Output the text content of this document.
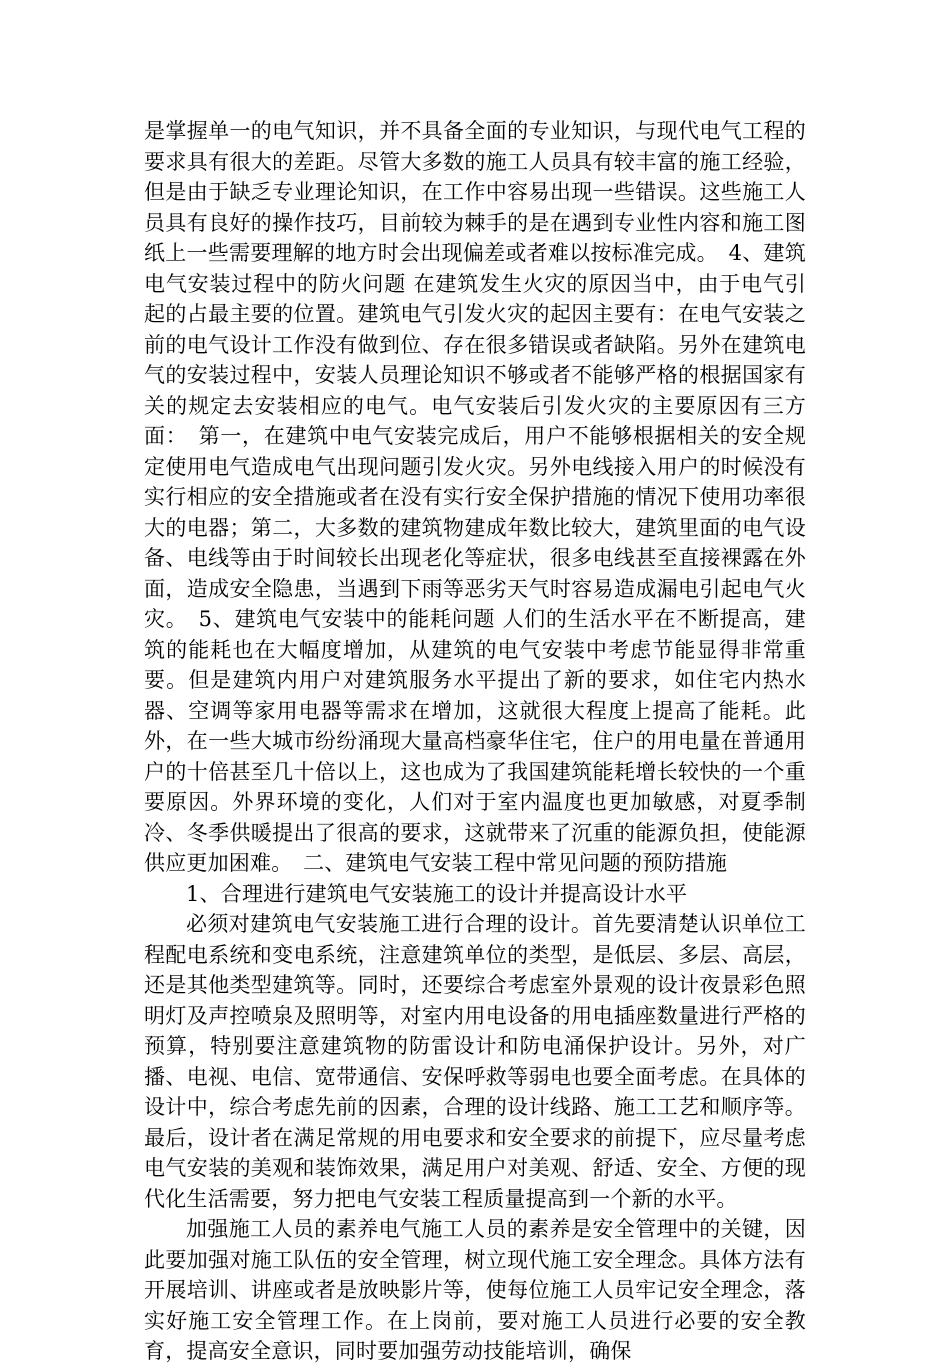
是掌握单一的电气知识，并不具备全面的专业知识，与现代电气工程的要求具有很大的差距。尽管大多数的施工人员具有较丰富的施工经验，但是由于缺乏专业理论知识，在工作中容易出现一些错误。这些施工人员具有良好的操作技巧，目前较为棘手的是在遇到专业性内容和施工图纸上一些需要理解的地方时会出现偏差或者难以按标准完成。　4、建筑电气安装过程中的防火问题 在建筑发生火灾的原因当中，由于电气引起的占最主要的位置。建筑电气引发火灾的起因主要有：在电气安装之前的电气设计工作没有做到位、存在很多错误或者缺陷。另外在建筑电气的安装过程中，安装人员理论知识不够或者不能够严格的根据国家有关的规定去安装相应的电气。电气安装后引发火灾的主要原因有三方面：　第一，在建筑中电气安装完成后，用户不能够根据相关的安全规定使用电气造成电气出现问题引发火灾。另外电线接入用户的时候没有实行相应的安全措施或者在没有实行安全保护措施的情况下使用功率很大的电器；第二，大多数的建筑物建成年数比较大，建筑里面的电气设备、电线等由于时间较长出现老化等症状，很多电线甚至直接裸露在外面，造成安全隐患，当遇到下雨等恶劣天气时容易造成漏电引起电气火灾。　5、建筑电气安装中的能耗问题 人们的生活水平在不断提高，建筑的能耗也在大幅度增加，从建筑的电气安装中考虑节能显得非常重要。但是建筑内用户对建筑服务水平提出了新的要求，如住宅内热水器、空调等家用电器等需求在增加，这就很大程度上提高了能耗。此外，在一些大城市纷纷涌现大量高档豪华住宅，住户的用电量在普通用户的十倍甚至几十倍以上，这也成为了我国建筑能耗增长较快的一个重要原因。外界环境的变化，人们对于室内温度也更加敏感，对夏季制冷、冬季供暖提出了很高的要求，这就带来了沉重的能源负担，使能源供应更加困难。　二、建筑电气安装工程中常见问题的预防措施

1、合理进行建筑电气安装施工的设计并提高设计水平

必须对建筑电气安装施工进行合理的设计。首先要清楚认识单位工程配电系统和变电系统，注意建筑单位的类型，是低层、多层、高层，还是其他类型建筑等。同时，还要综合考虑室外景观的设计夜景彩色照明灯及声控喷泉及照明等，对室内用电设备的用电插座数量进行严格的预算，特别要注意建筑物的防雷设计和防电涌保护设计。另外，对广播、电视、电信、宽带通信、安保呼救等弱电也要全面考虑。在具体的设计中，综合考虑先前的因素，合理的设计线路、施工工艺和顺序等。最后，设计者在满足常规的用电要求和安全要求的前提下，应尽量考虑电气安装的美观和装饰效果，满足用户对美观、舒适、安全、方便的现代化生活需要，努力把电气安装工程质量提高到一个新的水平。

加强施工人员的素养电气施工人员的素养是安全管理中的关键，因此要加强对施工队伍的安全管理，树立现代施工安全理念。具体方法有开展培训、讲座或者是放映影片等，使每位施工人员牢记安全理念，落实好施工安全管理工作。在上岗前，要对施工人员进行必要的安全教育，提高安全意识，同时要加强劳动技能培训，确保
